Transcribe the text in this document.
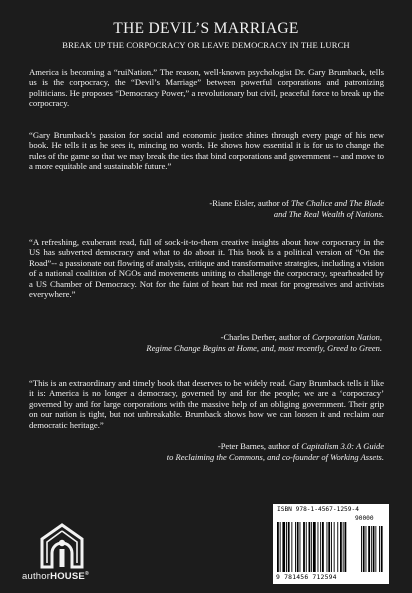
THE DEVIL’S MARRIAGE
BREAK UP THE CORPOCRACY OR LEAVE DEMOCRACY IN THE LURCH
America is becoming a “ruiNation.” The reason, well-known psychologist Dr. Gary Brumback, tells us is the corpocracy, the “Devil’s Marriage” between powerful corporations and patronizing politicians. He proposes “Democracy Power,” a revolutionary but civil, peaceful force to break up the corpocracy.
“Gary Brumback’s passion for social and economic justice shines through every page of his new book. He tells it as he sees it, mincing no words. He shows how essential it is for us to change the rules of the game so that we may break the ties that bind corporations and government -- and move to a more equitable and sustainable future.”
-Riane Eisler, author of The Chalice and The Blade
and The Real Wealth of Nations.
“A refreshing, exuberant read, full of sock-it-to-them creative insights about how corpocracy in the US has subverted democracy and what to do about it. This book is a political version of “On the Road”-- a passionate out flowing of analysis, critique and transformative strategies, including a vision of a national coalition of NGOs and movements uniting to challenge the corpocracy, spearheaded by a US Chamber of Democracy. Not for the faint of heart but red meat for progressives and activists everywhere.”
-Charles Derber, author of Corporation Nation,
Regime Change Begins at Home, and, most recently, Greed to Green.
“This is an extraordinary and timely book that deserves to be widely read. Gary Brumback tells it like it is: America is no longer a democracy, governed by and for the people; we are a ‘corpocracy’ governed by and for large corporations with the massive help of an obliging government. Their grip on our nation is tight, but not unbreakable. Brumback shows how we can loosen it and reclaim our democratic heritage.”
-Peter Barnes, author of Capitalism 3.0: A Guide
to Reclaiming the Commons, and co-founder of Working Assets.
authorHOUSE®
ISBN 978-1-4567-1259-4
90000
9 781456 712594
